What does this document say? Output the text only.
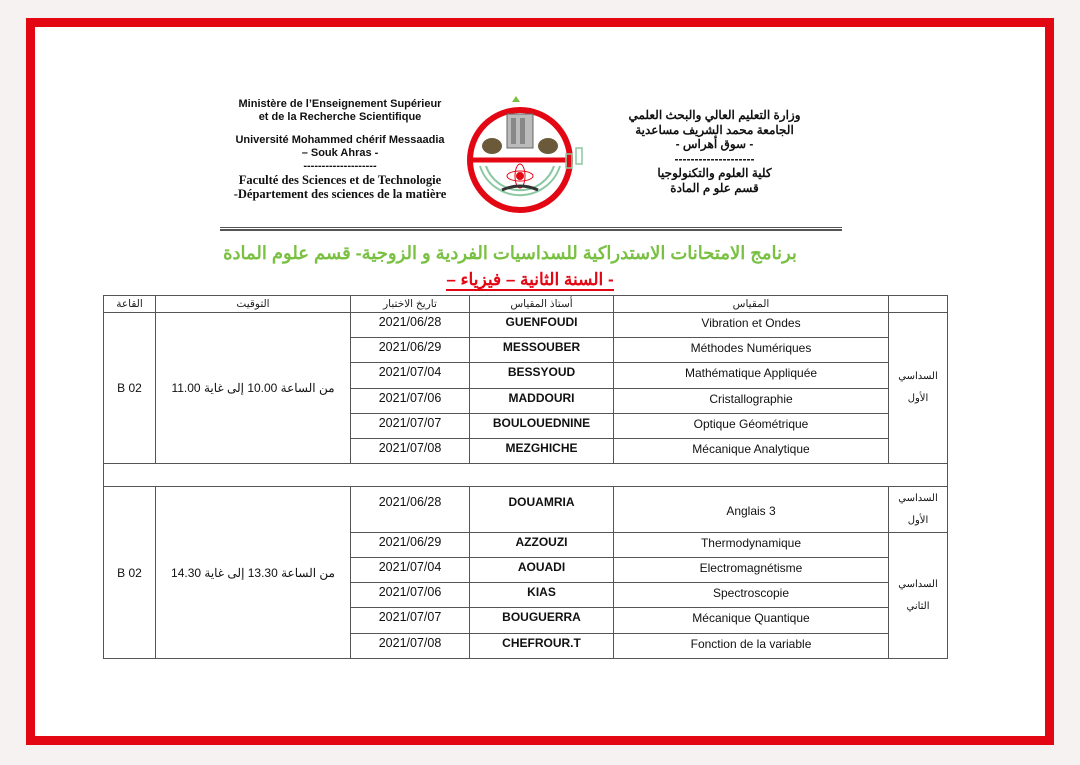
Ministère de l’Enseignement Supérieur
et de la Recherche Scientifique
Université Mohammed chérif Messaadia
– Souk Ahras -
--------------------
Faculté des Sciences et de Technologie
-Département des sciences de la matière
وزارة التعليم العالي والبحث العلمي
الجامعة محمد الشريف مساعدية
- سوق أهراس -
--------------------
كلية العلوم والتكنولوجيا
قسم علو م المادة
برنامج الامتحانات الاستدراكية للسداسيات الفردية و الزوجية- قسم علوم المادة
- السنة الثانية – فيزياء –
القاعة	التوقيت	تاريخ الاختبار	أستاذ المقياس	المقياس	
B 02	من الساعة 10.00 إلى غاية 11.00	2021/06/28	GUENFOUDI	Vibration et Ondes	السداسي
الأول

		2021/06/29	MESSOUBER	Méthodes Numériques	
		2021/07/04	BESSYOUD	Mathématique Appliquée	
		2021/07/06	MADDOURI	Cristallographie	
		2021/07/07	BOULOUEDNINE	Optique Géométrique	
		2021/07/08	MEZGHICHE	Mécanique Analytique	

B 02	من الساعة 13.30 إلى غاية 14.30	2021/06/28	DOUAMRIA	Anglais 3	السداسي
الأول

		2021/06/29	AZZOUZI	Thermodynamique	السداسي
الثاني

		2021/07/04	AOUADI	Electromagnétisme	
		2021/07/06	KIAS	Spectroscopie	
		2021/07/07	BOUGUERRA	Mécanique Quantique	
		2021/07/08	CHEFROUR.T	Fonction de la variable	
